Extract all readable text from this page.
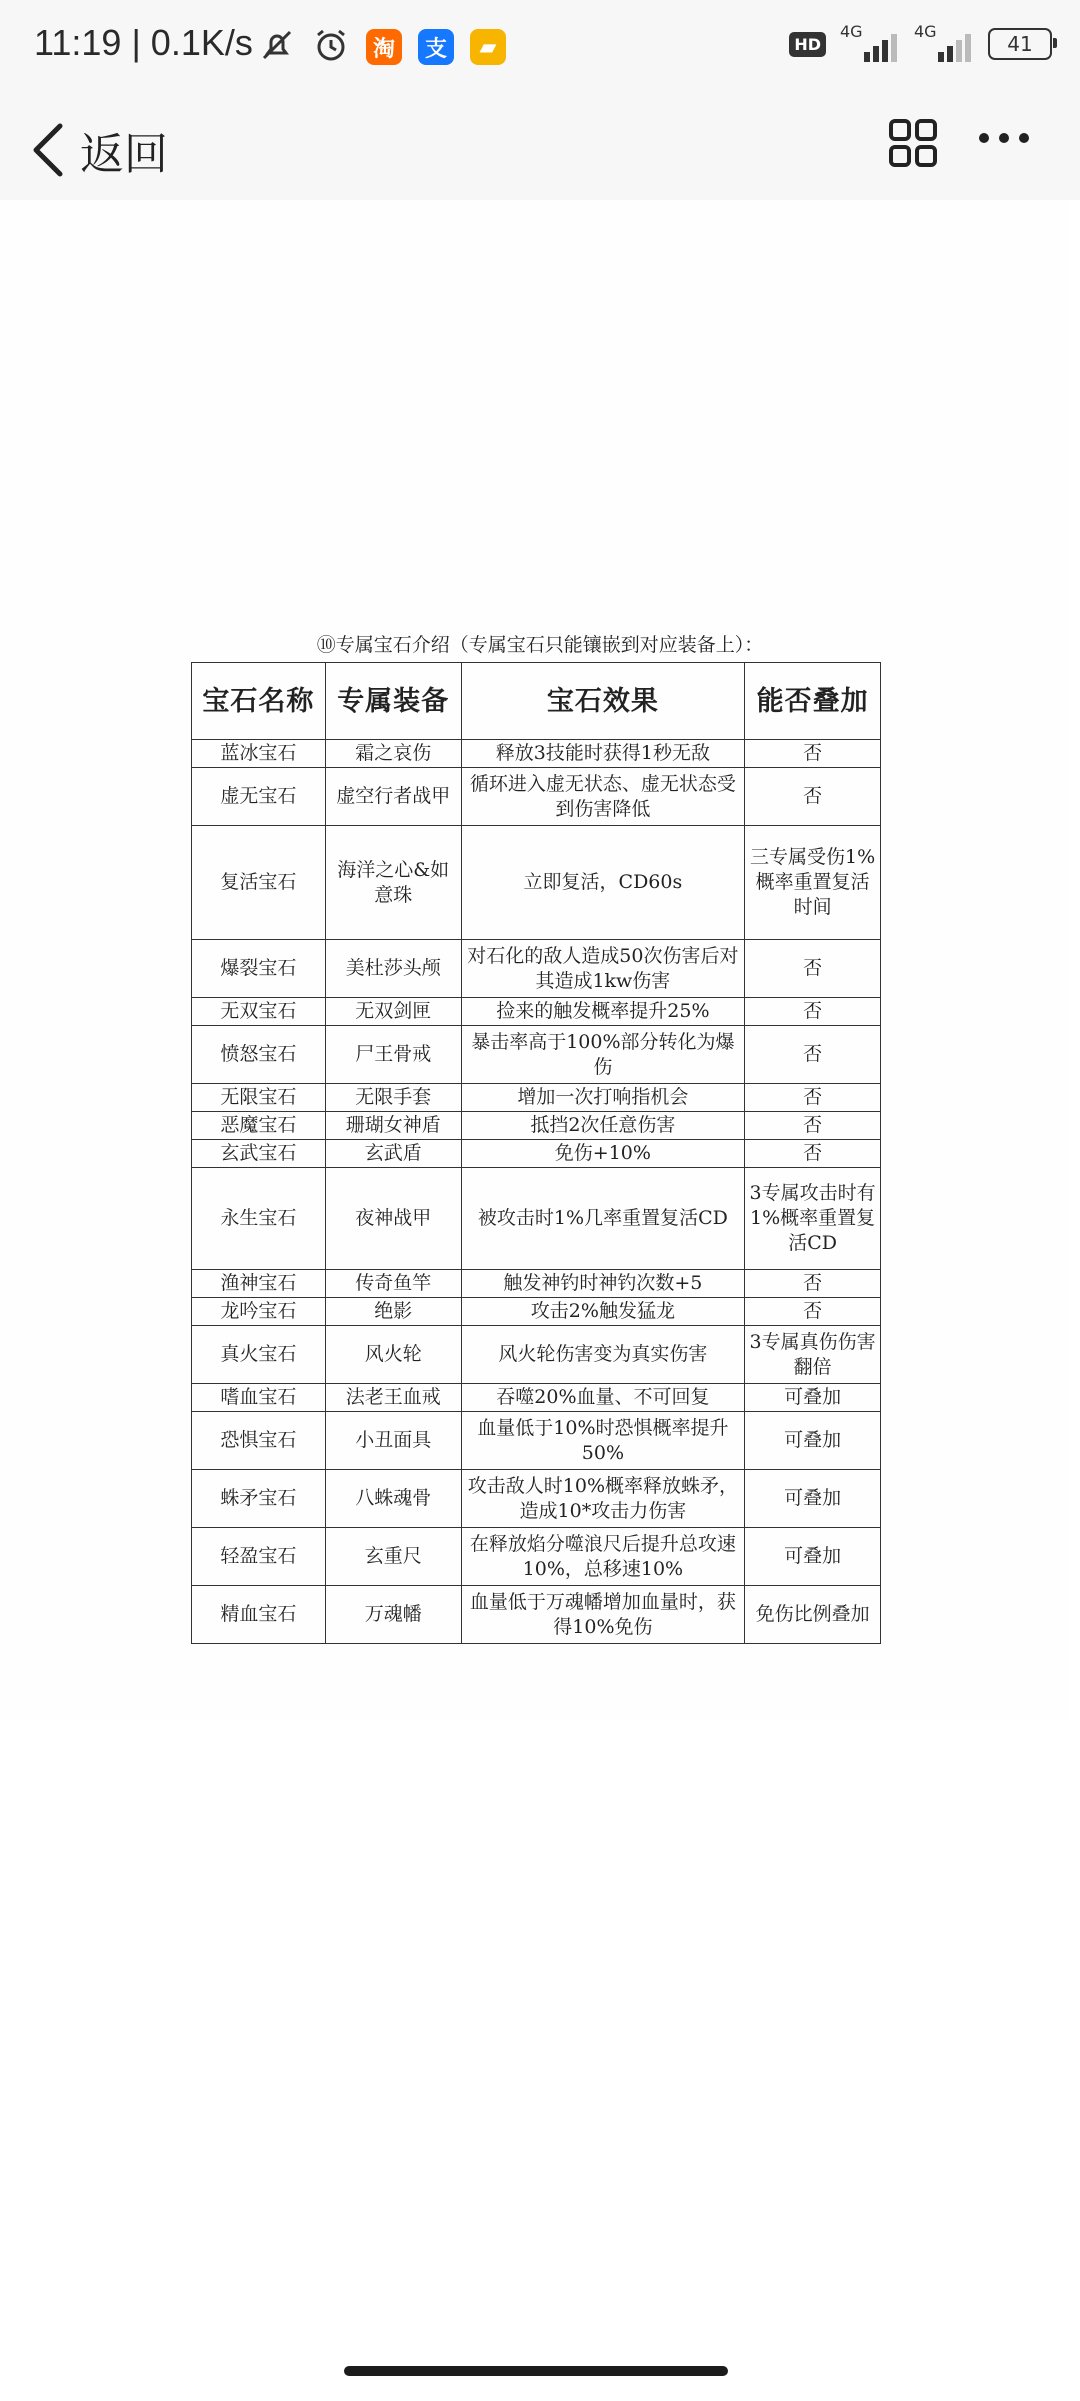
11:19 | 0.1K/s	淘	支	▰	HD
4G	4G
41
返回
⑩专属宝石介绍（专属宝石只能镶嵌到对应装备上）：
宝石名称	专属装备	宝石效果	能否叠加
蓝冰宝石	霜之哀伤	释放3技能时获得1秒无敌	否
虚无宝石	虚空行者战甲	循环进入虚无状态、虚无状态受到伤害降低	否
复活宝石	海洋之心&如意珠	立即复活，CD60s	三专属受伤1%概率重置复活时间
爆裂宝石	美杜莎头颅	对石化的敌人造成50次伤害后对其造成1kw伤害	否
无双宝石	无双剑匣	捡来的触发概率提升25%	否
愤怒宝石	尸王骨戒	暴击率高于100%部分转化为爆伤	否
无限宝石	无限手套	增加一次打响指机会	否
恶魔宝石	珊瑚女神盾	抵挡2次任意伤害	否
玄武宝石	玄武盾	免伤+10%	否
永生宝石	夜神战甲	被攻击时1%几率重置复活CD	3专属攻击时有1%概率重置复活CD
渔神宝石	传奇鱼竿	触发神钓时神钓次数+5	否
龙吟宝石	绝影	攻击2%触发猛龙	否
真火宝石	风火轮	风火轮伤害变为真实伤害	3专属真伤伤害翻倍
嗜血宝石	法老王血戒	吞噬20%血量、不可回复	可叠加
恐惧宝石	小丑面具	血量低于10%时恐惧概率提升50%	可叠加
蛛矛宝石	八蛛魂骨	攻击敌人时10%概率释放蛛矛，造成10*攻击力伤害	可叠加
轻盈宝石	玄重尺	在释放焰分噬浪尺后提升总攻速10%，总移速10%	可叠加
精血宝石	万魂幡	血量低于万魂幡增加血量时，获得10%免伤	免伤比例叠加
